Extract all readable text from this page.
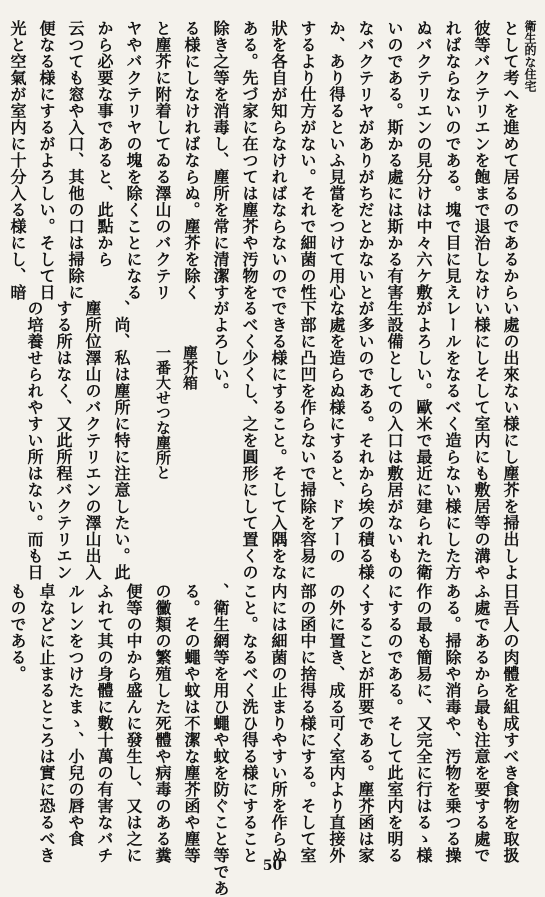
衛生的な住宅
として考へを進めて居るのであるから
彼等バクテリエンを飽まで退治しなけ
ればならないのである。塊で目に見え
ぬバクテリエンの見分けは中々六ケ敷
いのである。斯かる處には斯かる有害
なバクテリヤがありがちだとかないと
か、あり得るといふ見當をつけて用心
するより仕方がない。それで細菌の性
狀を各自が知らなければならないので
ある。先づ家に在つては塵芥や汚物を
除き之等を消毒し、塵所を常に清潔す
る様にしなければならぬ。塵芥を除く
と塵芥に附着してゐる澤山のバクテリ
ヤやバクテリヤの塊を除くことになる
から必要な事であると、此點から
云つても窓や入口、其他の口は掃除に
便なる様にするがよろしい。そして日
光と空氣が室内に十分入る様にし、暗
い處の出來ない様にし塵芥を掃出しよ
い様にしそして室内にも敷居等の溝や
レールをなるべく造らない様にした方
がよろしい。歐米で最近に建られた衛
生設備としての入口は敷居がないもの
が多いのである。それから埃の積る様
な處を造らぬ様にすると、ドアーの
下部に凸凹を作らないで掃除を容易に
できる様にすること。そして入隅をな
るべく少くし、之を圓形にして置くの
がよろしい。
塵芥箱
一番大せつな塵所と
、尚、私は塵所に特に注意したい。此
塵所位澤山のバクテリエンの澤山出入
する所はなく、又此所程バクテリエン
の培養せられやすい所はない。而も日
日吾人の肉體を組成すべき食物を取扱
ふ處であるから最も注意を要する處で
ある。掃除や消毒や、汚物を乗つる操
作の最も簡易に、又完全に行はるゝ様
にするのである。そして此室内を明る
くすることが肝要である。塵芥函は家
の外に置き、成る可く室内より直接外
部の函中に捨得る様にする。そして室
内には細菌の止まりやすい所を作らぬ
こと。なるべく洗ひ得る様にすること
、衛生網等を用ひ蠅や蚊を防ぐこと等であ
る。その蠅や蚊は不潔な塵芥函や塵等
の黴類の繁殖した死體や病毒のある糞
便等の中から盛んに發生し、又は之に
ふれて其の身體に數十萬の有害なバチ
ルレンをつけたまゝ、小兒の唇や食
卓などに止まるところは實に恐るべき
ものである。
50
